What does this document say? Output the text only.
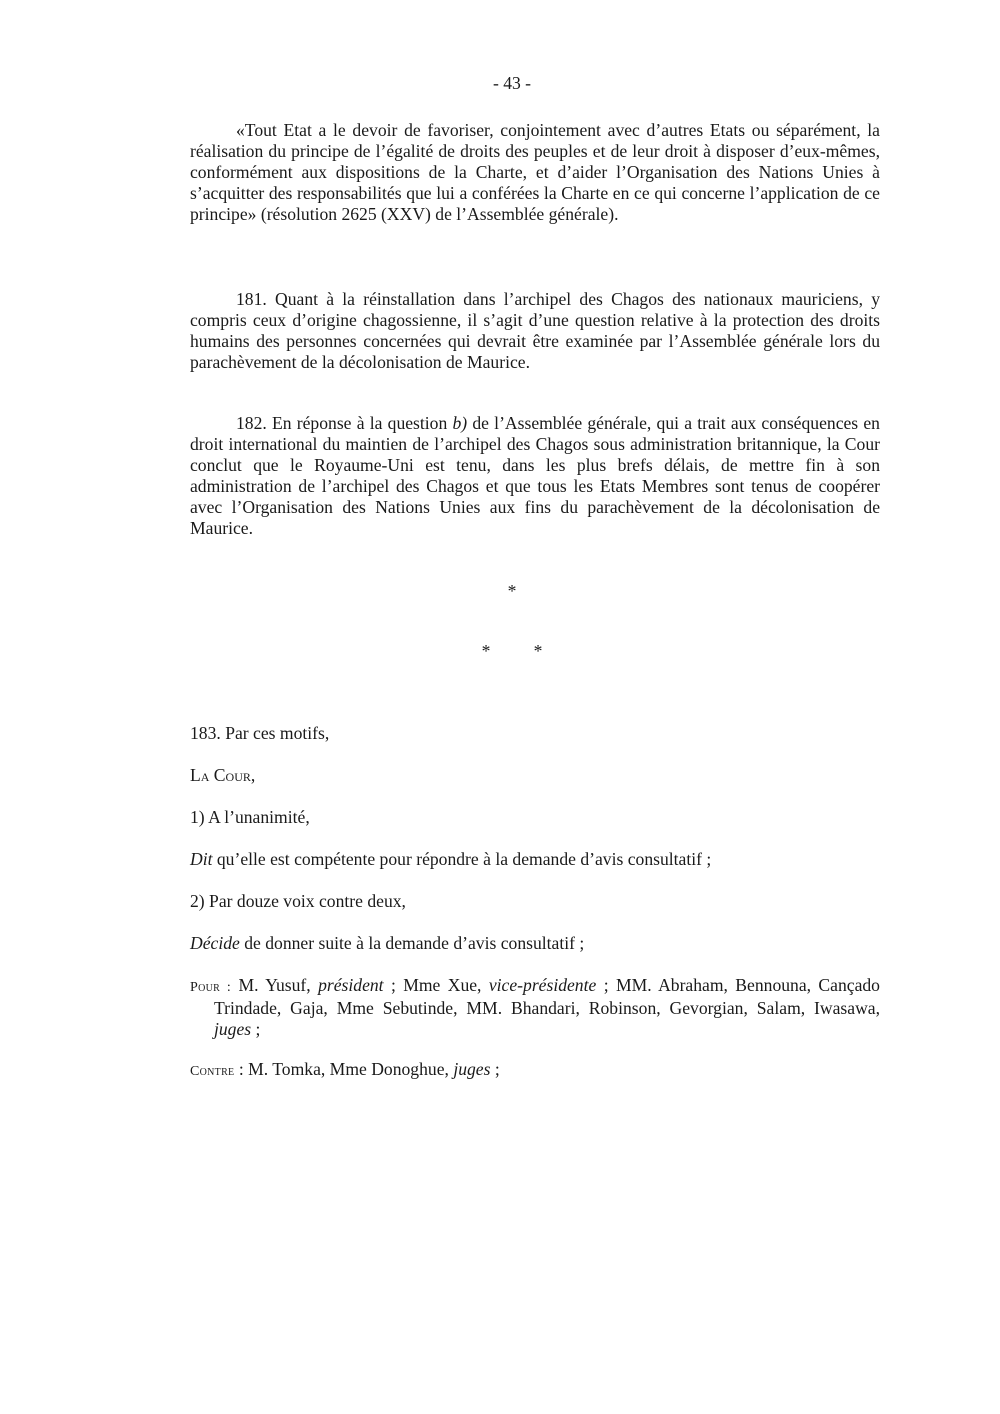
- 43 -

«Tout Etat a le devoir de favoriser, conjointement avec d’autres Etats ou séparément, la réalisation du principe de l’égalité de droits des peuples et de leur droit à disposer d’eux-mêmes, conformément aux dispositions de la Charte, et d’aider l’Organisation des Nations Unies à s’acquitter des responsabilités que lui a conférées la Charte en ce qui concerne l’application de ce principe» (résolution 2625 (XXV) de l’Assemblée générale).

181. Quant à la réinstallation dans l’archipel des Chagos des nationaux mauriciens, y compris ceux d’origine chagossienne, il s’agit d’une question relative à la protection des droits humains des personnes concernées qui devrait être examinée par l’Assemblée générale lors du parachèvement de la décolonisation de Maurice.

182. En réponse à la question b) de l’Assemblée générale, qui a trait aux conséquences en droit international du maintien de l’archipel des Chagos sous administration britannique, la Cour conclut que le Royaume-Uni est tenu, dans les plus brefs délais, de mettre fin à son administration de l’archipel des Chagos et que tous les Etats Membres sont tenus de coopérer avec l’Organisation des Nations Unies aux fins du parachèvement de la décolonisation de Maurice.

*
*	*

183. Par ces motifs,

La Cour,

1) A l’unanimité,

Dit qu’elle est compétente pour répondre à la demande d’avis consultatif ;

2) Par douze voix contre deux,

Décide de donner suite à la demande d’avis consultatif ;

Pour : M. Yusuf, président ; Mme Xue, vice-présidente ; MM. Abraham, Bennouna, Cançado Trindade, Gaja, Mme Sebutinde, MM. Bhandari, Robinson, Gevorgian, Salam, Iwasawa, juges ;

Contre : M. Tomka, Mme Donoghue, juges ;
